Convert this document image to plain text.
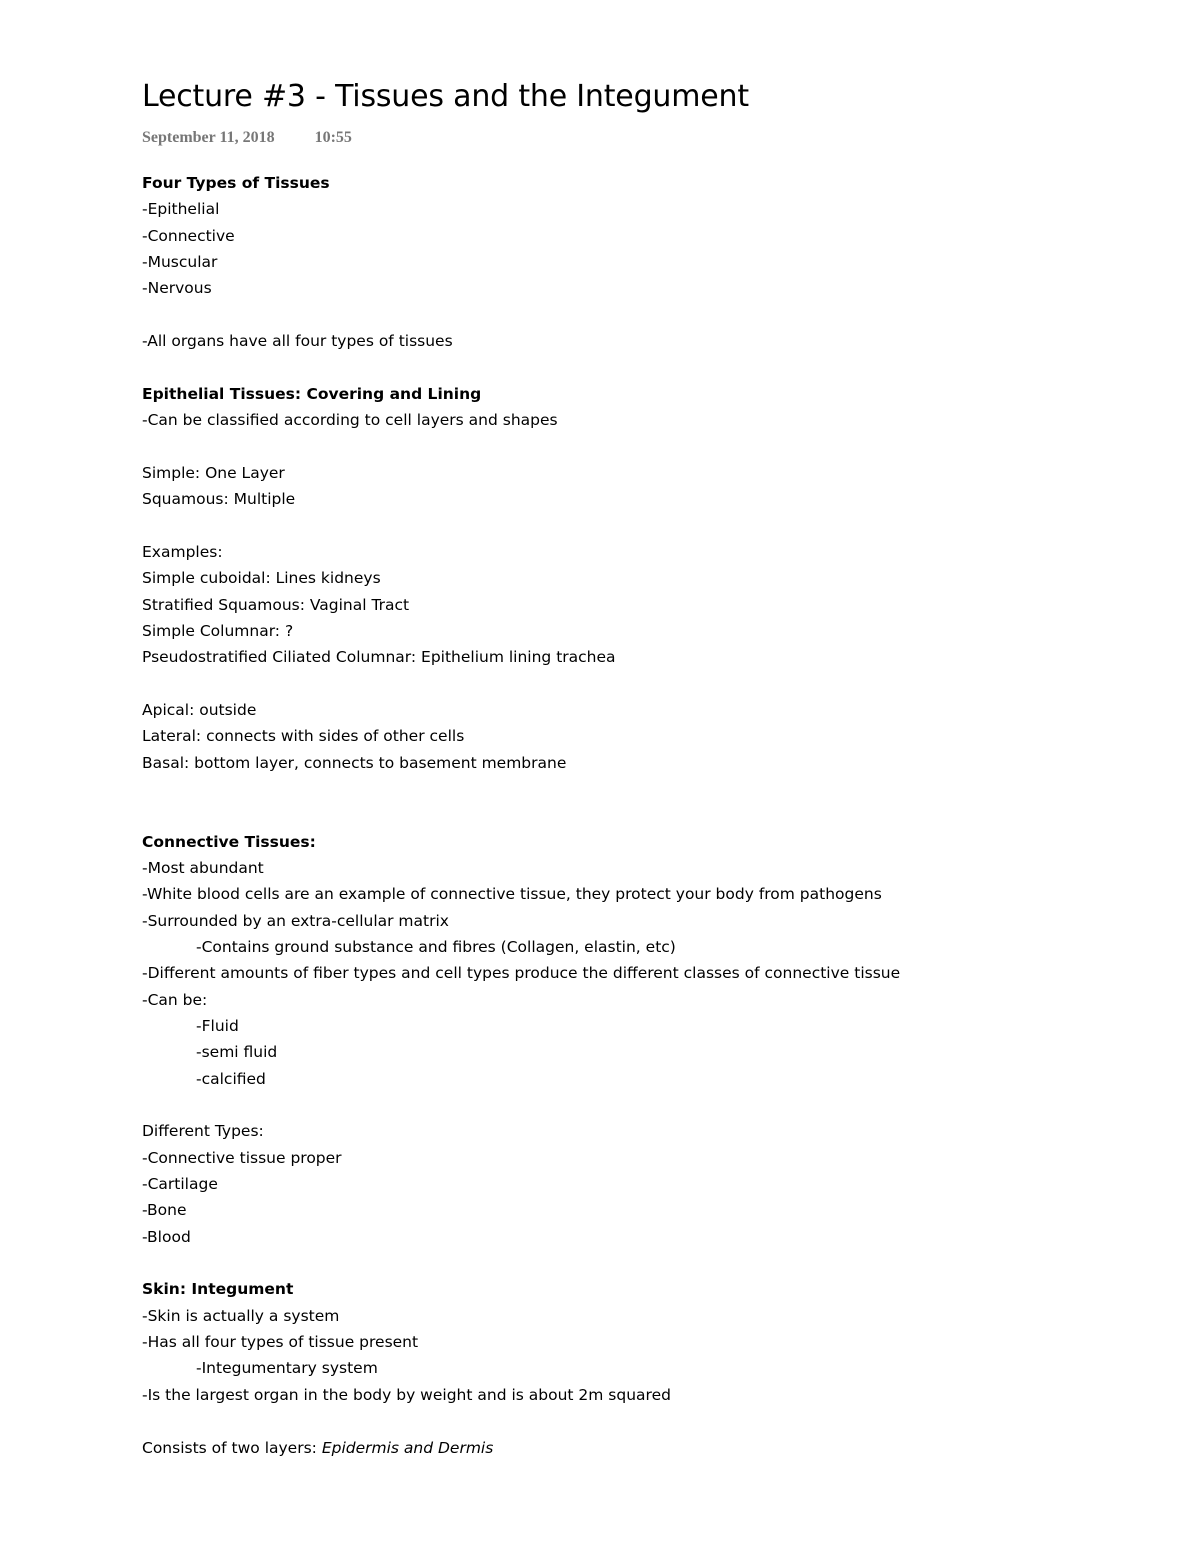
Lecture #3 - Tissues and the Integument
September 11, 2018	10:55
Four Types of Tissues
-Epithelial
-Connective
-Muscular
-Nervous
-All organs have all four types of tissues
Epithelial Tissues: Covering and Lining
-Can be classified according to cell layers and shapes
Simple: One Layer
Squamous: Multiple
Examples:
Simple cuboidal: Lines kidneys
Stratified Squamous: Vaginal Tract
Simple Columnar: ?
Pseudostratified Ciliated Columnar: Epithelium lining trachea
Apical: outside
Lateral: connects with sides of other cells
Basal: bottom layer, connects to basement membrane
Connective Tissues:
-Most abundant
-White blood cells are an example of connective tissue, they protect your body from pathogens
-Surrounded by an extra-cellular matrix
-Contains ground substance and fibres (Collagen, elastin, etc)
-Different amounts of fiber types and cell types produce the different classes of connective tissue
-Can be:
-Fluid
-semi fluid
-calcified
Different Types:
-Connective tissue proper
-Cartilage
-Bone
-Blood
Skin: Integument
-Skin is actually a system
-Has all four types of tissue present
-Integumentary system
-Is the largest organ in the body by weight and is about 2m squared
Consists of two layers: Epidermis and Dermis
